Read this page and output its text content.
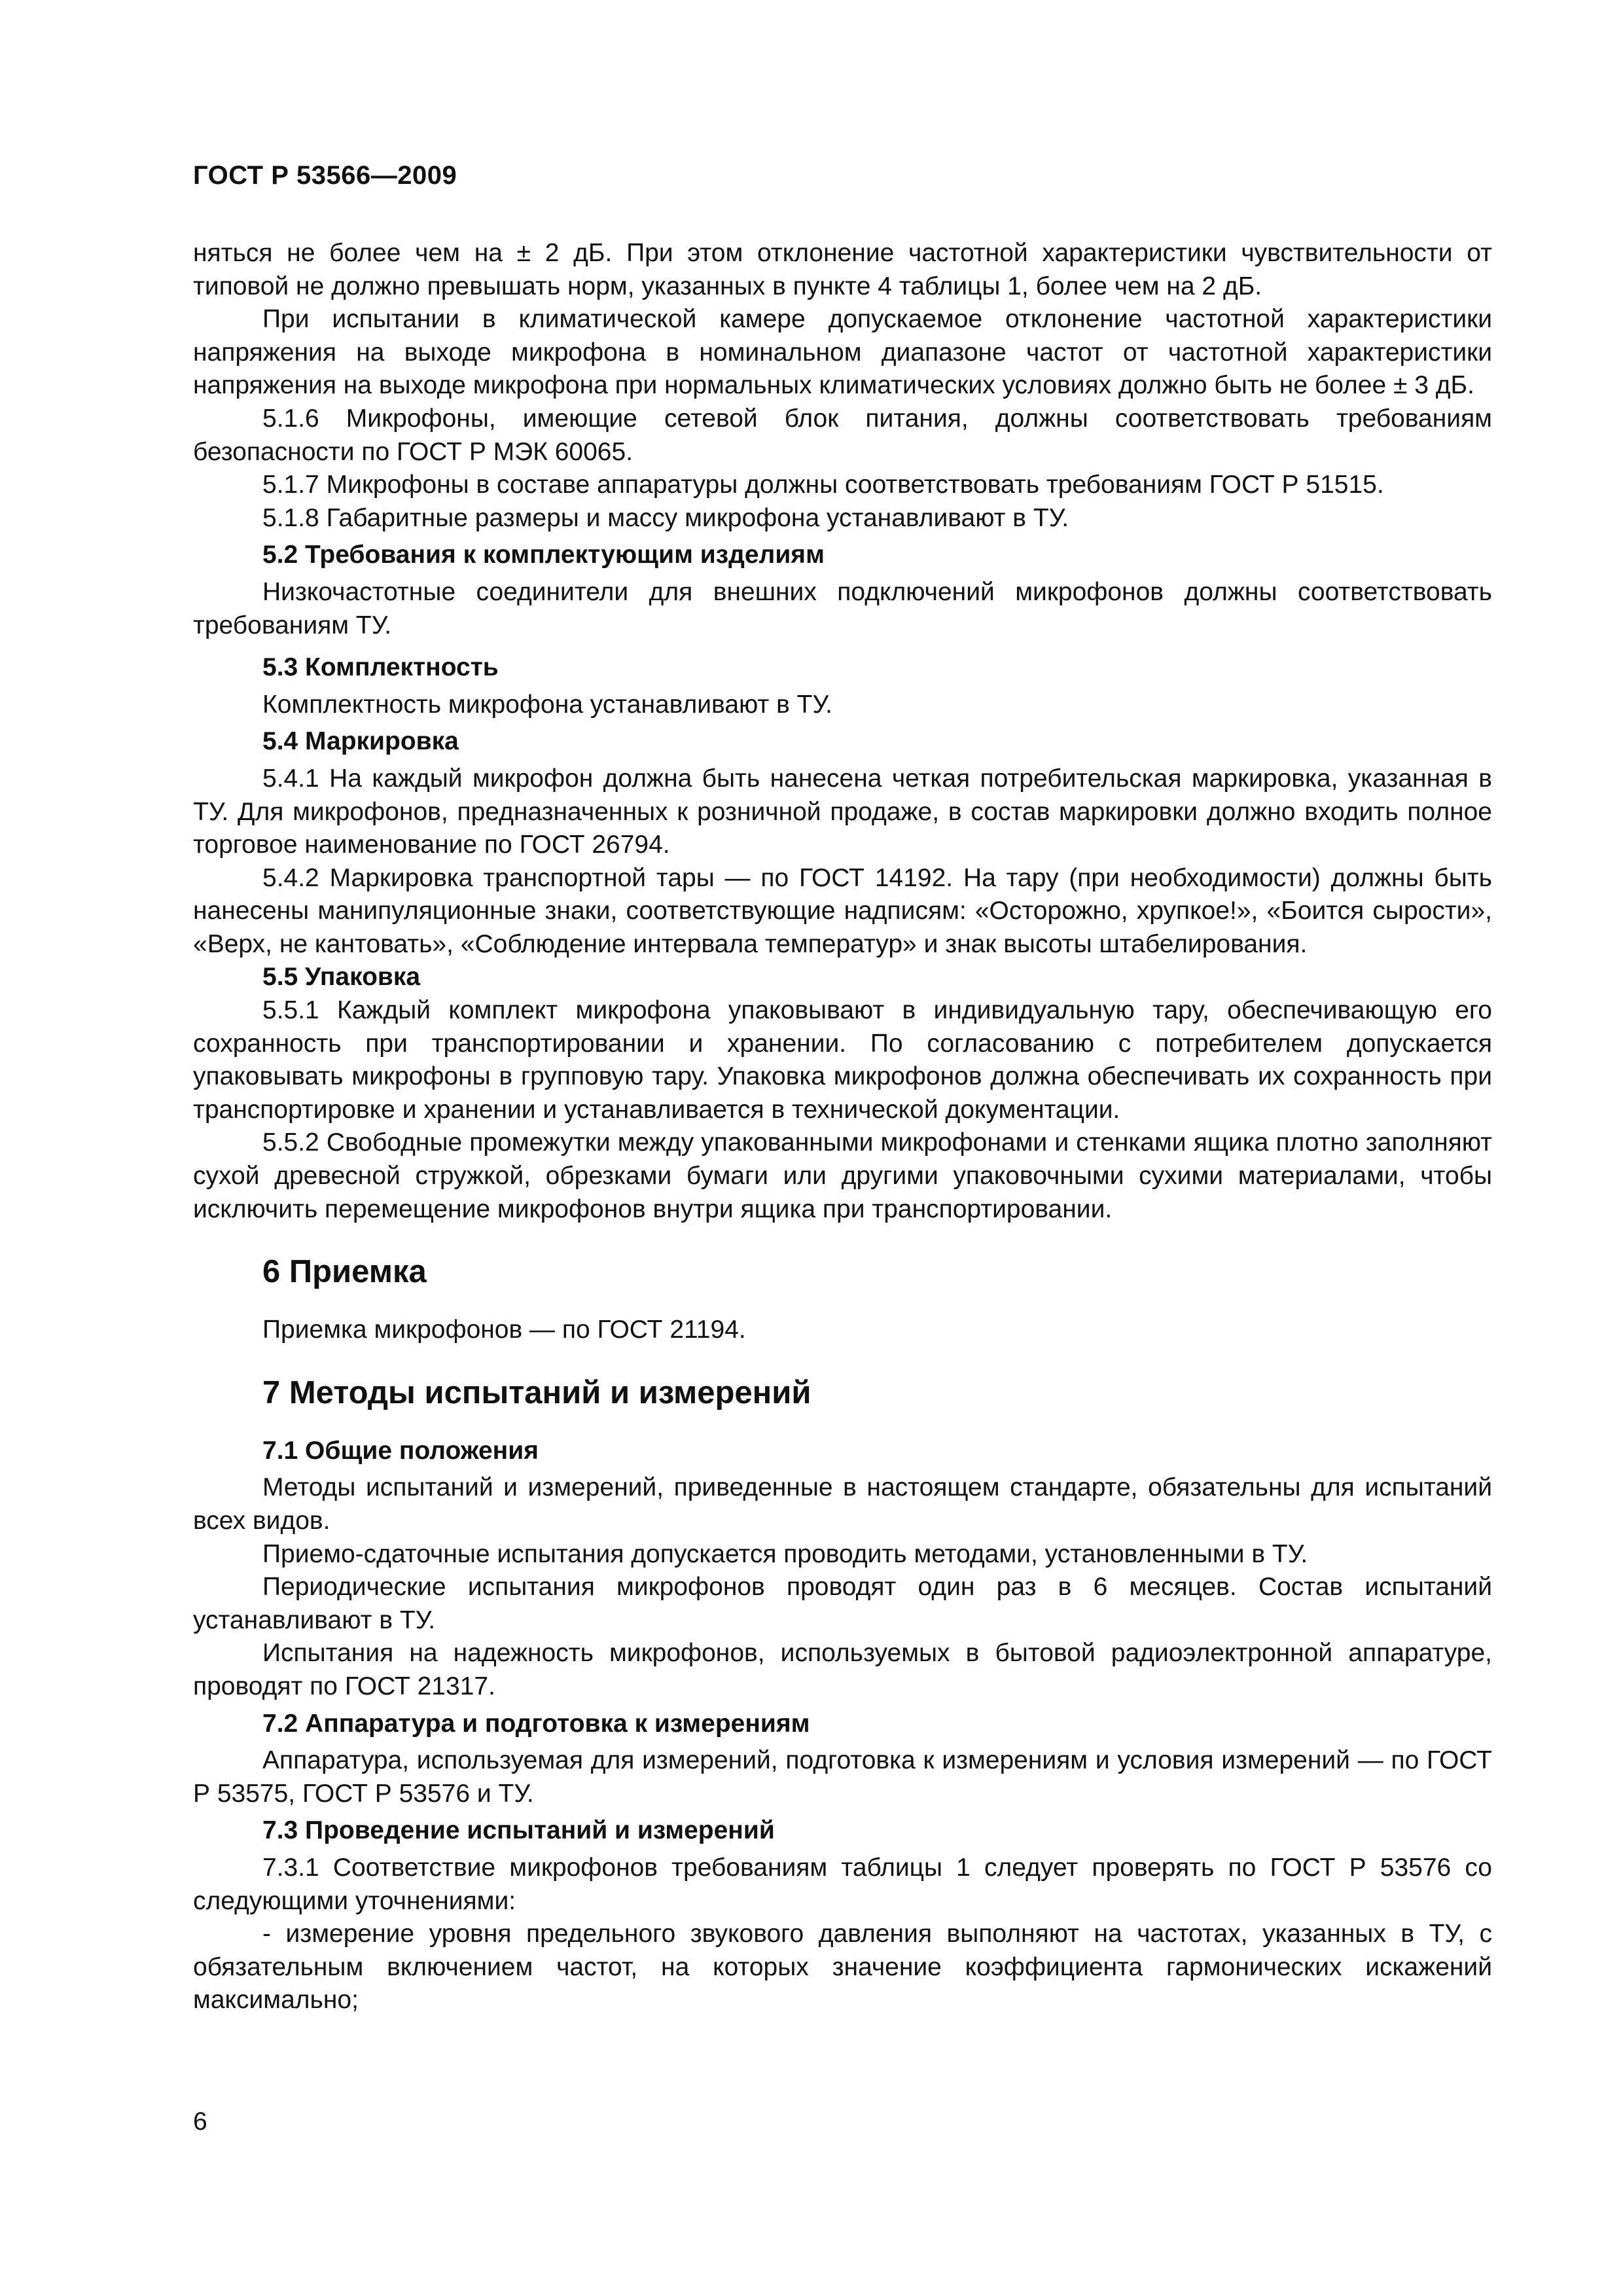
ГОСТ Р 53566—2009

няться не более чем на ± 2 дБ. При этом отклонение частотной характеристики чувствительности от типовой не должно превышать норм, указанных в пункте 4 таблицы 1, более чем на 2 дБ.

При испытании в климатической камере допускаемое отклонение частотной характеристики напряжения на выходе микрофона в номинальном диапазоне частот от частотной характеристики напряжения на выходе микрофона при нормальных климатических условиях должно быть не более ± 3 дБ.

5.1.6 Микрофоны, имеющие сетевой блок питания, должны соответствовать требованиям безопасности по ГОСТ Р МЭК 60065.

5.1.7 Микрофоны в составе аппаратуры должны соответствовать требованиям ГОСТ Р 51515.

5.1.8 Габаритные размеры и массу микрофона устанавливают в ТУ.

5.2 Требования к комплектующим изделиям

Низкочастотные соединители для внешних подключений микрофонов должны соответствовать требованиям ТУ.

5.3 Комплектность

Комплектность микрофона устанавливают в ТУ.

5.4 Маркировка

5.4.1 На каждый микрофон должна быть нанесена четкая потребительская маркировка, указанная в ТУ. Для микрофонов, предназначенных к розничной продаже, в состав маркировки должно входить полное торговое наименование по ГОСТ 26794.

5.4.2 Маркировка транспортной тары — по ГОСТ 14192. На тару (при необходимости) должны быть нанесены манипуляционные знаки, соответствующие надписям: «Осторожно, хрупкое!», «Боится сырости», «Верх, не кантовать», «Соблюдение интервала температур» и знак высоты штабелирования.

5.5 Упаковка

5.5.1 Каждый комплект микрофона упаковывают в индивидуальную тару, обеспечивающую его сохранность при транспортировании и хранении. По согласованию с потребителем допускается упаковывать микрофоны в групповую тару. Упаковка микрофонов должна обеспечивать их сохранность при транспортировке и хранении и устанавливается в технической документации.

5.5.2 Свободные промежутки между упакованными микрофонами и стенками ящика плотно заполняют сухой древесной стружкой, обрезками бумаги или другими упаковочными сухими материалами, чтобы исключить перемещение микрофонов внутри ящика при транспортировании.

6 Приемка

Приемка микрофонов — по ГОСТ 21194.

7 Методы испытаний и измерений

7.1 Общие положения

Методы испытаний и измерений, приведенные в настоящем стандарте, обязательны для испытаний всех видов.

Приемо-сдаточные испытания допускается проводить методами, установленными в ТУ.

Периодические испытания микрофонов проводят один раз в 6 месяцев. Состав испытаний устанавливают в ТУ.

Испытания на надежность микрофонов, используемых в бытовой радиоэлектронной аппаратуре, проводят по ГОСТ 21317.

7.2 Аппаратура и подготовка к измерениям

Аппаратура, используемая для измерений, подготовка к измерениям и условия измерений — по ГОСТ Р 53575, ГОСТ Р 53576 и ТУ.

7.3 Проведение испытаний и измерений

7.3.1 Соответствие микрофонов требованиям таблицы 1 следует проверять по ГОСТ Р 53576 со следующими уточнениями:

- измерение уровня предельного звукового давления выполняют на частотах, указанных в ТУ, с обязательным включением частот, на которых значение коэффициента гармонических искажений максимально;

6
